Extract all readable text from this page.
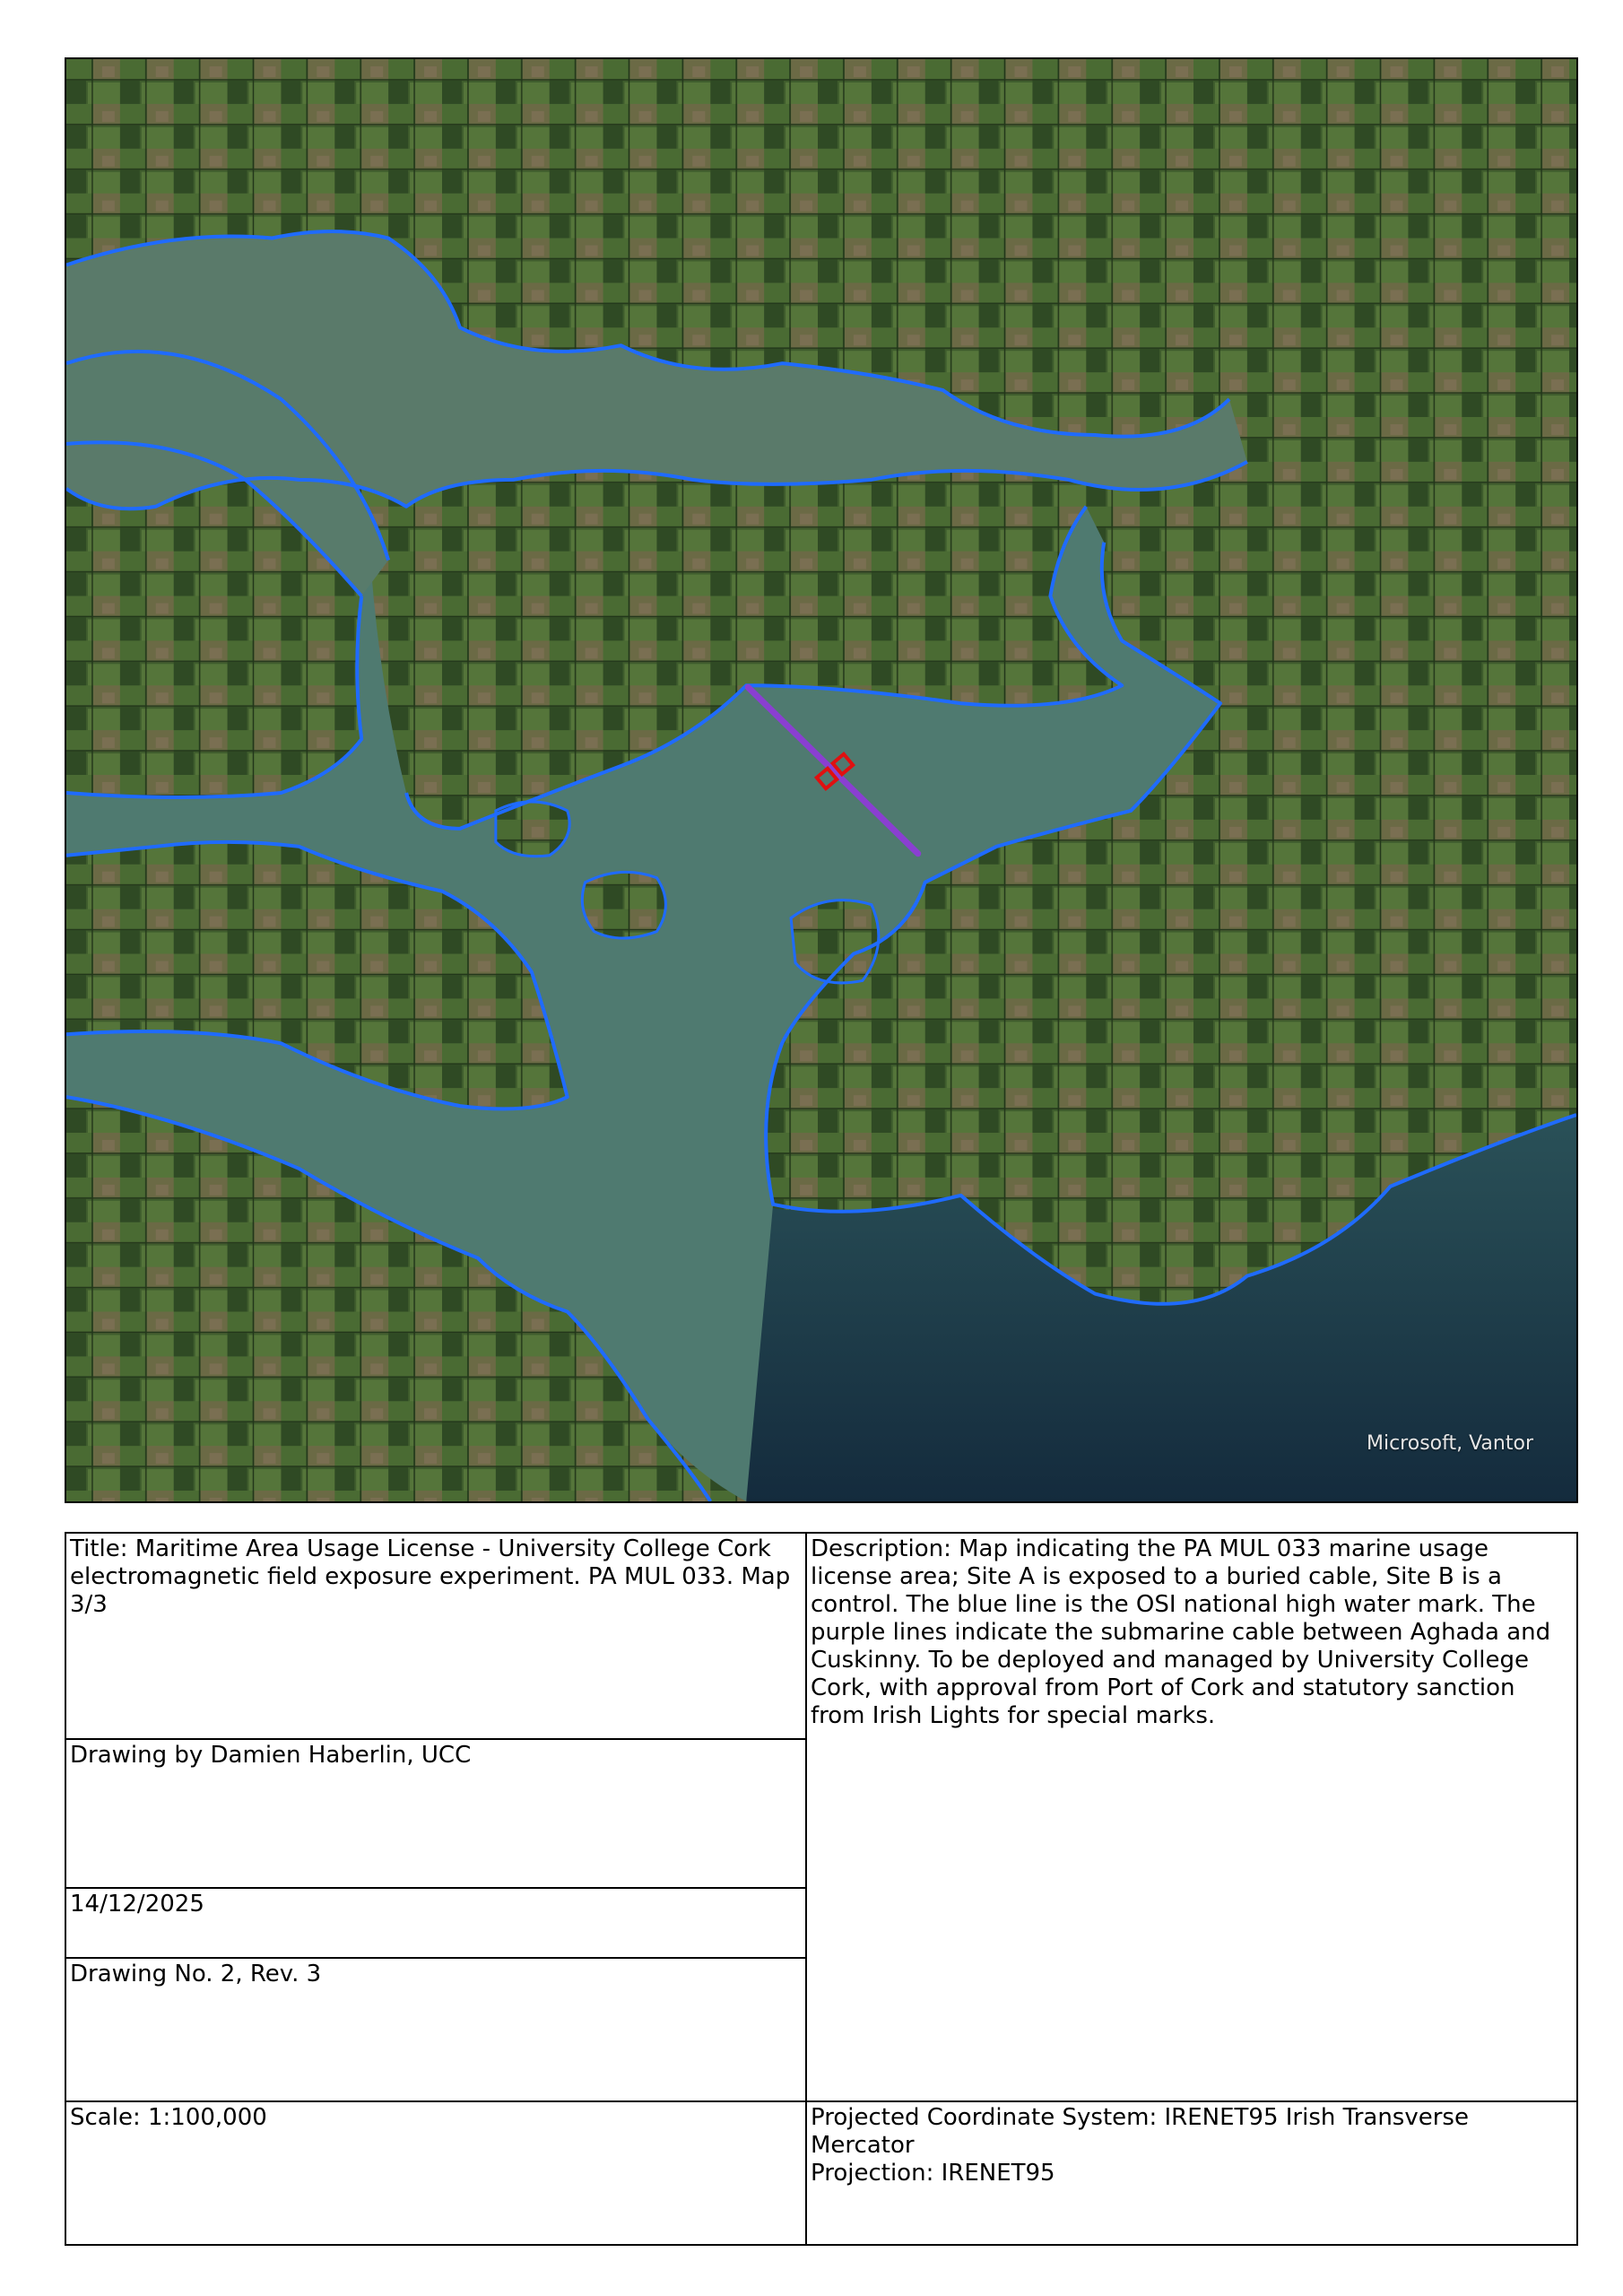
Microsoft, Vantor
Title: Maritime Area Usage License - University College Cork electromagnetic field exposure experiment. PA MUL 033. Map 3/3
Drawing by Damien Haberlin, UCC
14/12/2025
Drawing No. 2, Rev. 3
Scale: 1:100,000
Description: Map indicating the PA MUL 033 marine usage license area; Site A is exposed to a buried cable, Site B is a control. The blue line is the OSI national high water mark. The purple lines indicate the submarine cable between Aghada and Cuskinny. To be deployed and managed by University College Cork, with approval from Port of Cork and statutory sanction from Irish Lights for special marks.
Projected Coordinate System: IRENET95 Irish Transverse Mercator
Projection: IRENET95
